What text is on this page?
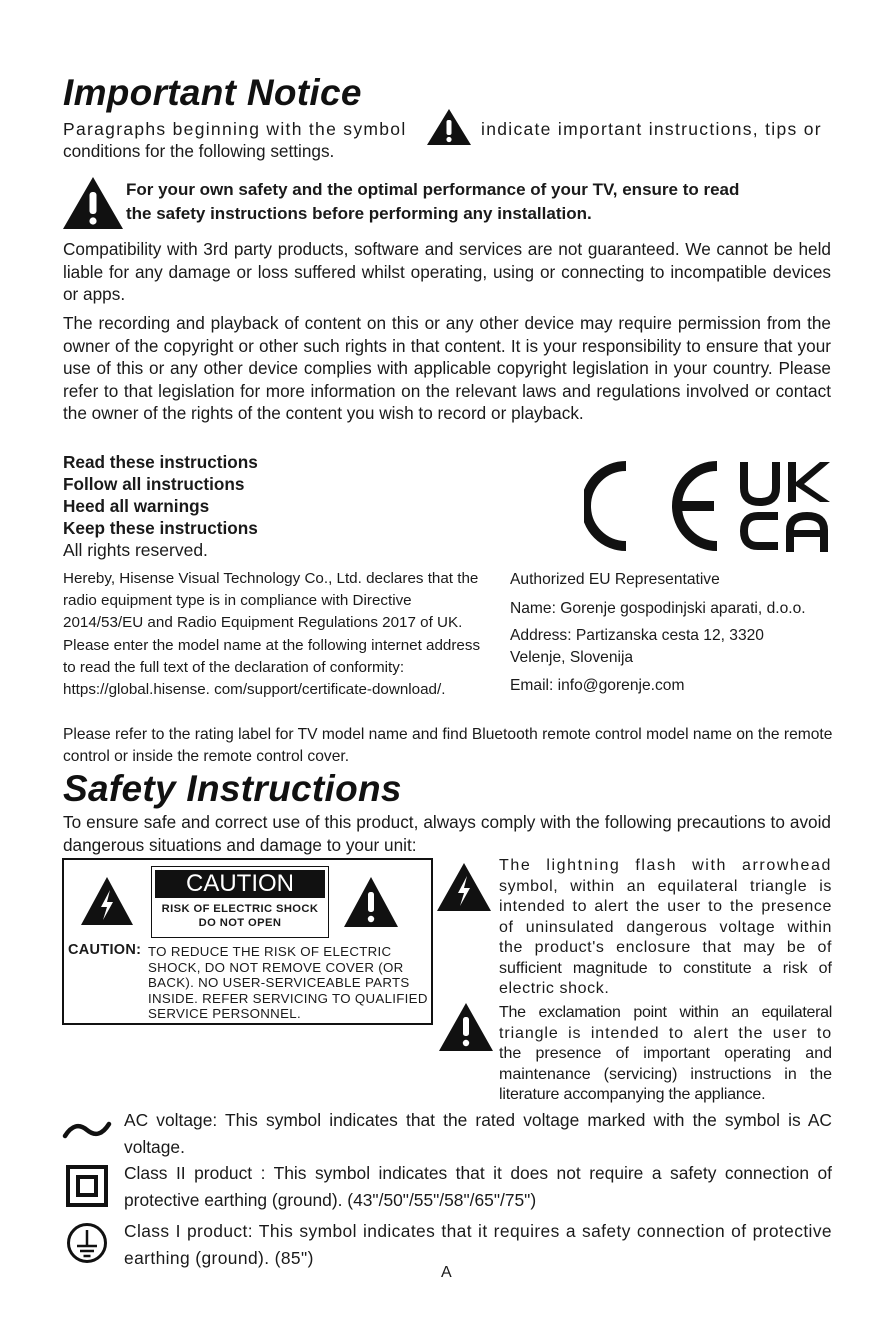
Important Notice
Paragraphs beginning with the symbol	indicate important instructions, tips or
conditions for the following settings.
For your own safety and the optimal performance of your TV, ensure to read
the safety instructions before performing any installation.
Compatibility with 3rd party products, software and services are not guaranteed. We cannot be held liable for any damage or loss suffered whilst operating, using or connecting to incompatible devices or apps.
The recording and playback of content on this or any other device may require permission from the owner of the copyright or other such rights in that content. It is your responsibility to ensure that your use of this or any other device complies with applicable copyright legislation in your country. Please refer to that legislation for more information on the relevant laws and regulations involved or contact the owner of the rights of the content you wish to record or playback.
Read these instructions
Follow all instructions
Heed all warnings
Keep these instructions
All rights reserved.
Hereby, Hisense Visual Technology Co., Ltd. declares that the radio equipment type is in compliance with Directive 2014/53/EU and Radio Equipment Regulations 2017 of UK. Please enter the model name at the following internet address to read the full text of the declaration of conformity: https://global.hisense. com/support/certificate-download/.
Authorized EU Representative
Name: Gorenje gospodinjski aparati, d.o.o.
Address: Partizanska cesta 12, 3320
Velenje, Slovenija
Email: info@gorenje.com
Please refer to the rating label for TV model name and find Bluetooth remote control model name on the remote control or inside the remote control cover.
Safety Instructions
To ensure safe and correct use of this product, always comply with the following precautions to avoid dangerous situations and damage to your unit:
CAUTION
RISK OF ELECTRIC SHOCK
DO NOT OPEN
CAUTION: TO REDUCE THE RISK OF ELECTRIC
SHOCK, DO NOT REMOVE COVER (OR
BACK). NO USER-SERVICEABLE PARTS
INSIDE. REFER SERVICING TO QUALIFIED
SERVICE PERSONNEL.
The lightning flash with arrowhead
symbol, within an equilateral triangle is
intended to alert the user to the presence
of uninsulated dangerous voltage within
the product's enclosure that may be of
sufficient magnitude to constitute a risk of
electric shock.
The exclamation point within an equilateral
triangle is intended to alert the user to
the presence of important operating and
maintenance (servicing) instructions in the
literature accompanying the appliance.
AC voltage: This symbol indicates that the rated voltage marked with the symbol is AC voltage.
Class II product : This symbol indicates that it does not require a safety connection of protective earthing (ground). (43"/50"/55"/58"/65"/75")
Class I product: This symbol indicates that it requires a safety connection of protective earthing (ground). (85")
A
